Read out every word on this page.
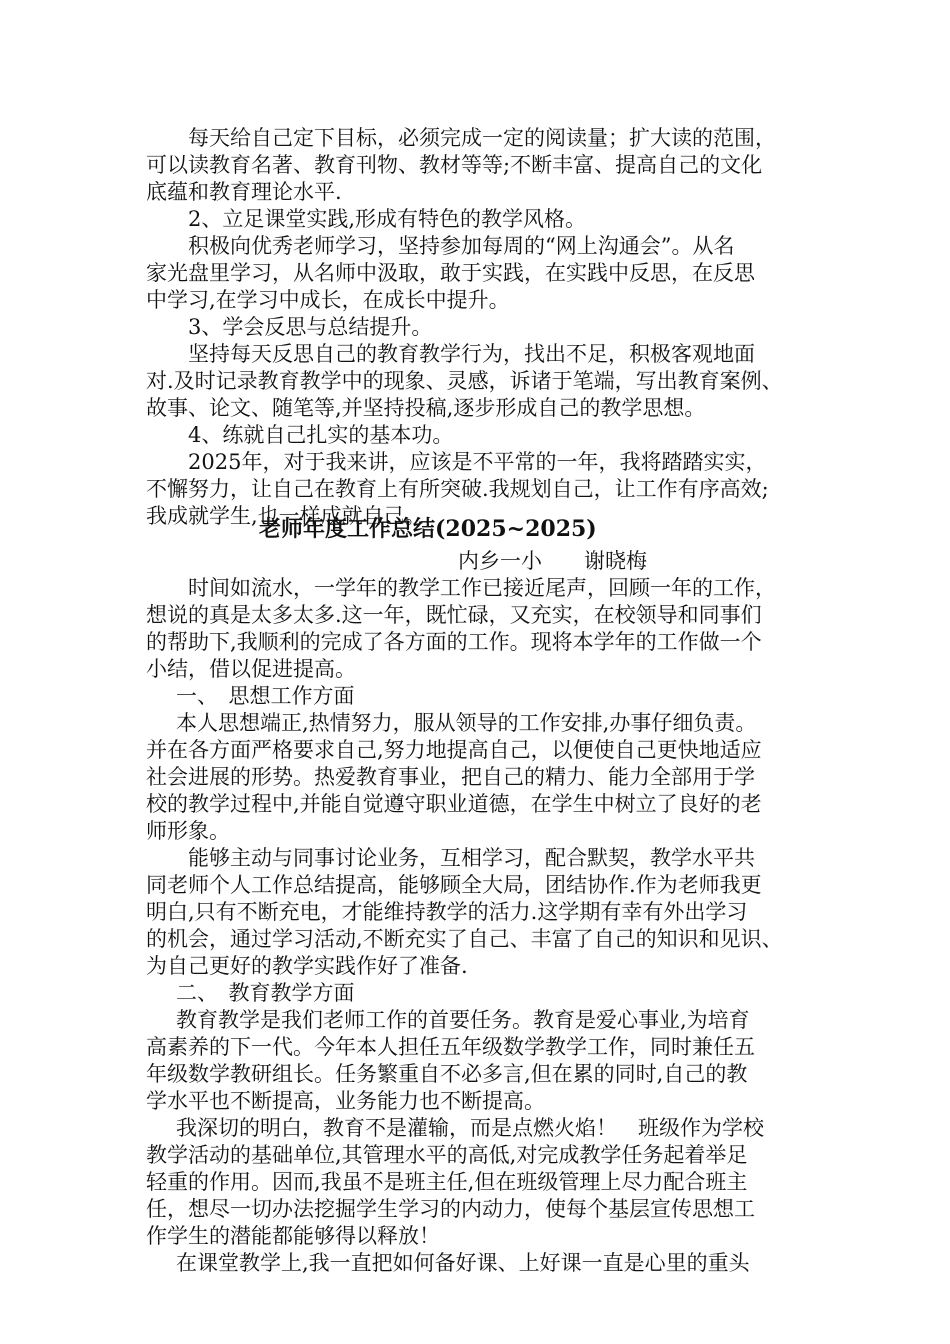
每天给自己定下目标，必须完成一定的阅读量；扩大读的范围，
可以读教育名著、教育刊物、教材等等;不断丰富、提高自己的文化
底蕴和教育理论水平.
2、立足课堂实践,形成有特色的教学风格。
积极向优秀老师学习，坚持参加每周的“网上沟通会”。从名
家光盘里学习，从名师中汲取，敢于实践，在实践中反思，在反思
中学习,在学习中成长，在成长中提升。
3、学会反思与总结提升。
坚持每天反思自己的教育教学行为，找出不足，积极客观地面
对.及时记录教育教学中的现象、灵感，诉诸于笔端，写出教育案例、
故事、论文、随笔等,并坚持投稿,逐步形成自己的教学思想。
4、练就自己扎实的基本功。
2025年，对于我来讲，应该是不平常的一年，我将踏踏实实，
不懈努力，让自己在教育上有所突破.我规划自己，让工作有序高效;
我成就学生,也一样成就自己。
老师年度工作总结(2025~2025)
内乡一小　　谢晓梅
时间如流水，一学年的教学工作已接近尾声，回顾一年的工作，
想说的真是太多太多.这一年，既忙碌，又充实，在校领导和同事们
的帮助下,我顺利的完成了各方面的工作。现将本学年的工作做一个
小结，借以促进提高。
一、　思想工作方面
本人思想端正,热情努力，服从领导的工作安排,办事仔细负责。
并在各方面严格要求自己,努力地提高自己，以便使自己更快地适应
社会进展的形势。热爱教育事业，把自己的精力、能力全部用于学
校的教学过程中,并能自觉遵守职业道德，在学生中树立了良好的老
师形象。
能够主动与同事讨论业务，互相学习，配合默契，教学水平共
同老师个人工作总结提高，能够顾全大局，团结协作.作为老师我更
明白,只有不断充电，才能维持教学的活力.这学期有幸有外出学习
的机会，通过学习活动,不断充实了自己、丰富了自己的知识和见识、
为自己更好的教学实践作好了准备.
二、　教育教学方面
教育教学是我们老师工作的首要任务。教育是爱心事业,为培育
高素养的下一代。今年本人担任五年级数学教学工作，同时兼任五
年级数学教研组长。任务繁重自不必多言,但在累的同时,自己的教
学水平也不断提高，业务能力也不断提高。
我深切的明白，教育不是灌输，而是点燃火焰！　班级作为学校
教学活动的基础单位,其管理水平的高低,对完成教学任务起着举足
轻重的作用。因而,我虽不是班主任,但在班级管理上尽力配合班主
任，想尽一切办法挖掘学生学习的内动力，使每个基层宣传思想工
作学生的潜能都能够得以释放！
在课堂教学上,我一直把如何备好课、上好课一直是心里的重头
